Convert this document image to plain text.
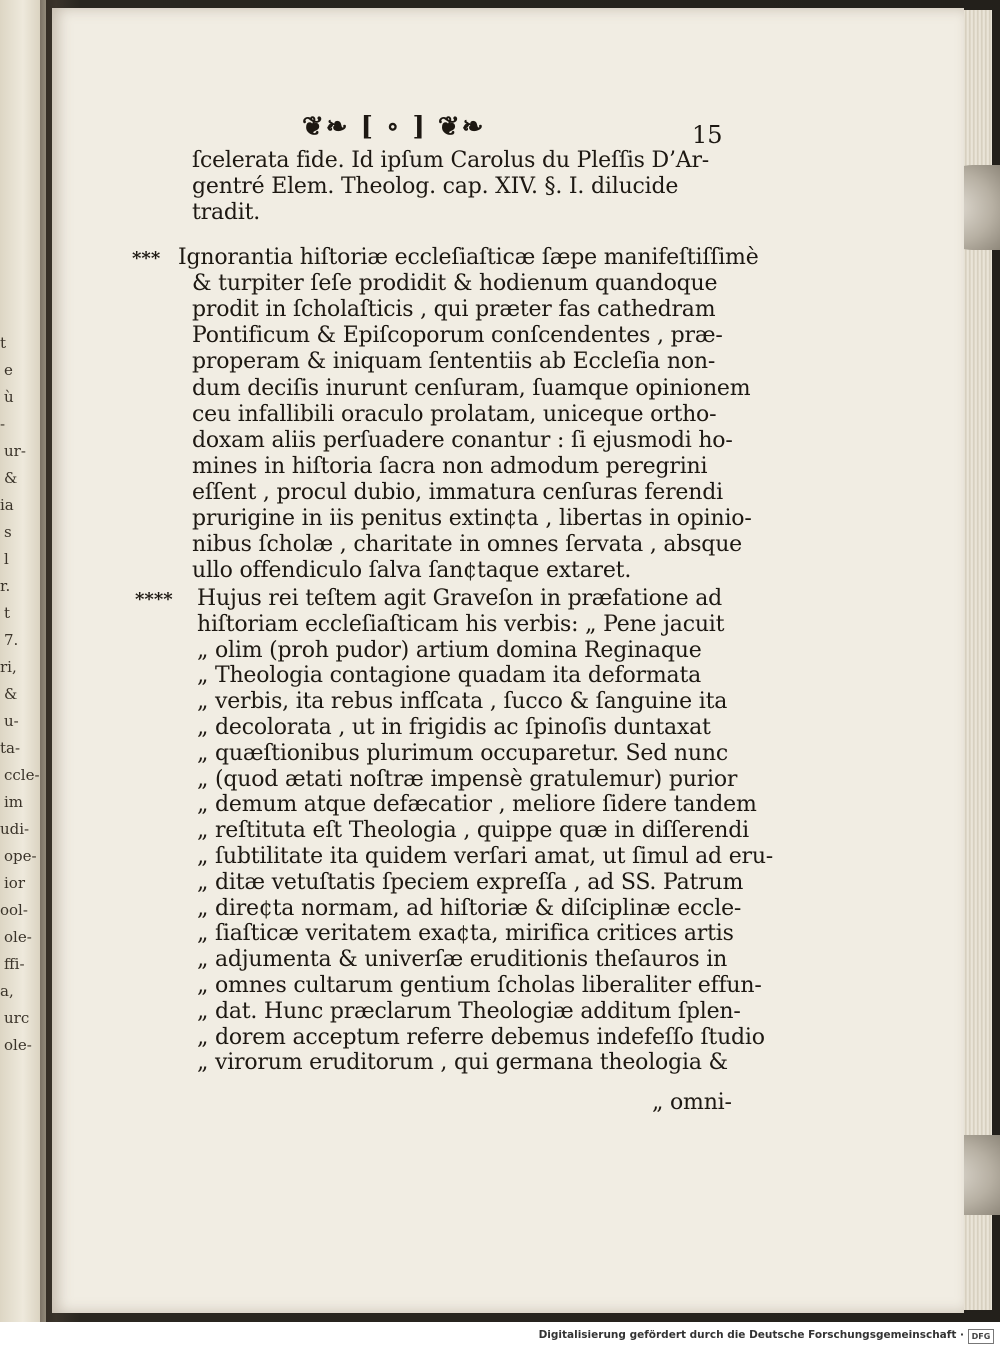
t
e
ù
-
ur-
&
ia
s
l
r.
t
7.
ri,
&
u-
ta-
ccle-
im
udi-
ope-
ior
ool-
ole-
ffi-
a,
urc
ole-
❦❧ [ ∘ ] ❦❧	15
ſcelerata fide. Id ipſum Carolus du Pleſſis D’Ar-
gentré Elem. Theolog. cap. XIV. §. I. dilucide
tradit.
*** Ignorantia hiſtoriæ eccleſiaſticæ ſæpe manifeſtiſſimè
& turpiter ſeſe prodidit & hodienum quandoque
prodit in ſcholaſticis , qui præter fas cathedram
Pontificum & Epiſcoporum conſcendentes , præ-
properam & iniquam ſententiis ab Eccleſia non-
dum deciſis inurunt cenſuram, ſuamque opinionem
ceu infallibili oraculo prolatam, uniceque ortho-
doxam aliis perſuadere conantur : ſi ejusmodi ho-
mines in hiſtoria ſacra non admodum peregrini
eſſent , procul dubio, immatura cenſuras ferendi
prurigine in iis penitus extin¢ta , libertas in opinio-
nibus ſcholæ , charitate in omnes ſervata , absque
ullo offendiculo ſalva ſan¢taque extaret.
**** Hujus rei teſtem agit Graveſon in præfatione ad
hiſtoriam eccleſiaſticam his verbis: „ Pene jacuit
„ olim (proh pudor) artium domina Reginaque
„ Theologia contagione quadam ita deformata
„ verbis, ita rebus infſcata , ſucco & ſanguine ita
„ decolorata , ut in frigidis ac ſpinoſis duntaxat
„ quæſtionibus plurimum occuparetur. Sed nunc
„ (quod ætati noſtræ impensè gratulemur) purior
„ demum atque defæcatior , meliore ſidere tandem
„ reſtituta eſt Theologia , quippe quæ in diſſerendi
„ ſubtilitate ita quidem verſari amat, ut ſimul ad eru-
„ ditæ vetuſtatis ſpeciem expreſſa , ad SS. Patrum
„ dire¢ta normam, ad hiſtoriæ & diſciplinæ eccle-
„ ſiaſticæ veritatem exa¢ta, mirifica critices artis
„ adjumenta & univerſæ eruditionis theſauros in
„ omnes cultarum gentium ſcholas liberaliter effun-
„ dat. Hunc præclarum Theologiæ additum ſplen-
„ dorem acceptum referre debemus indefeſſo ſtudio
„ virorum eruditorum , qui germana theologia &
„ omni-
Digitalisierung gefördert durch die Deutsche Forschungsgemeinschaft · DFG
